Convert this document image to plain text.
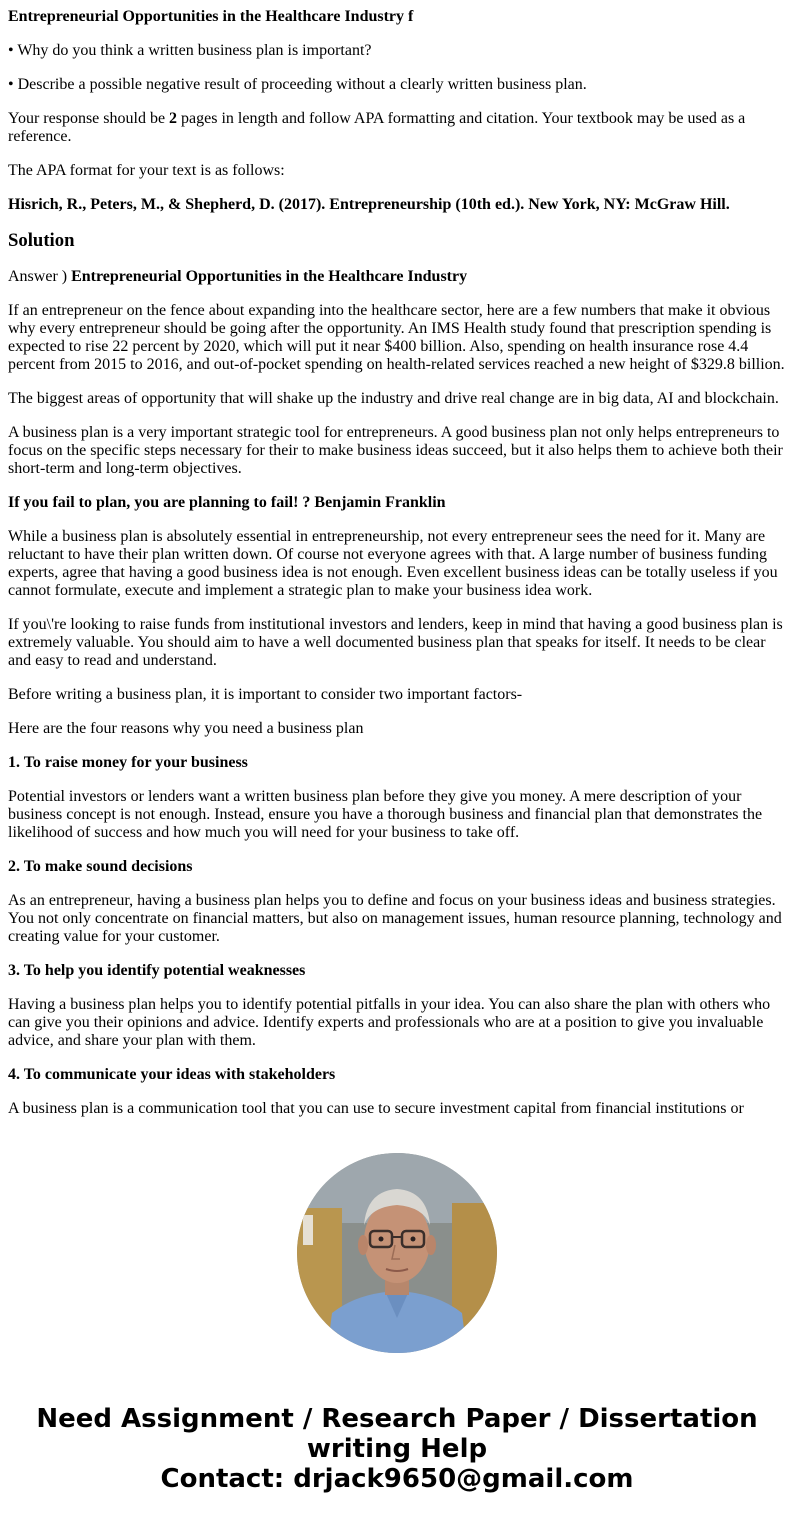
Entrepreneurial Opportunities in the Healthcare Industry f

• Why do you think a written business plan is important?

• Describe a possible negative result of proceeding without a clearly written business plan.

Your response should be 2 pages in length and follow APA formatting and citation. Your textbook may be used as a reference.

The APA format for your text is as follows:

Hisrich, R., Peters, M., & Shepherd, D. (2017). Entrepreneurship (10th ed.). New York, NY: McGraw Hill.

Solution

Answer ) Entrepreneurial Opportunities in the Healthcare Industry

If an entrepreneur on the fence about expanding into the healthcare sector, here are a few numbers that make it obvious why every entrepreneur should be going after the opportunity. An IMS Health study found that prescription spending is expected to rise 22 percent by 2020, which will put it near $400 billion. Also, spending on health insurance rose 4.4 percent from 2015 to 2016, and out-of-pocket spending on health-related services reached a new height of $329.8 billion.

The biggest areas of opportunity that will shake up the industry and drive real change are in big data, AI and blockchain.

A business plan is a very important strategic tool for entrepreneurs. A good business plan not only helps entrepreneurs to focus on the specific steps necessary for their to make business ideas succeed, but it also helps them to achieve both their short-term and long-term objectives.

If you fail to plan, you are planning to fail! ? Benjamin Franklin

While a business plan is absolutely essential in entrepreneurship, not every entrepreneur sees the need for it. Many are reluctant to have their plan written down. Of course not everyone agrees with that. A large number of business funding experts, agree that having a good business idea is not enough. Even excellent business ideas can be totally useless if you cannot formulate, execute and implement a strategic plan to make your business idea work.

If you\'re looking to raise funds from institutional investors and lenders, keep in mind that having a good business plan is extremely valuable. You should aim to have a well documented business plan that speaks for itself. It needs to be clear and easy to read and understand.

Before writing a business plan, it is important to consider two important factors-

Here are the four reasons why you need a business plan

1. To raise money for your business

Potential investors or lenders want a written business plan before they give you money. A mere description of your business concept is not enough. Instead, ensure you have a thorough business and financial plan that demonstrates the likelihood of success and how much you will need for your business to take off.

2. To make sound decisions

As an entrepreneur, having a business plan helps you to define and focus on your business ideas and business strategies. You not only concentrate on financial matters, but also on management issues, human resource planning, technology and creating value for your customer.

3. To help you identify potential weaknesses

Having a business plan helps you to identify potential pitfalls in your idea. You can also share the plan with others who can give you their opinions and advice. Identify experts and professionals who are at a position to give you invaluable advice, and share your plan with them.

4. To communicate your ideas with stakeholders

A business plan is a communication tool that you can use to secure investment capital from financial institutions or

Need Assignment / Research Paper / Dissertation
writing Help
Contact: drjack9650@gmail.com
